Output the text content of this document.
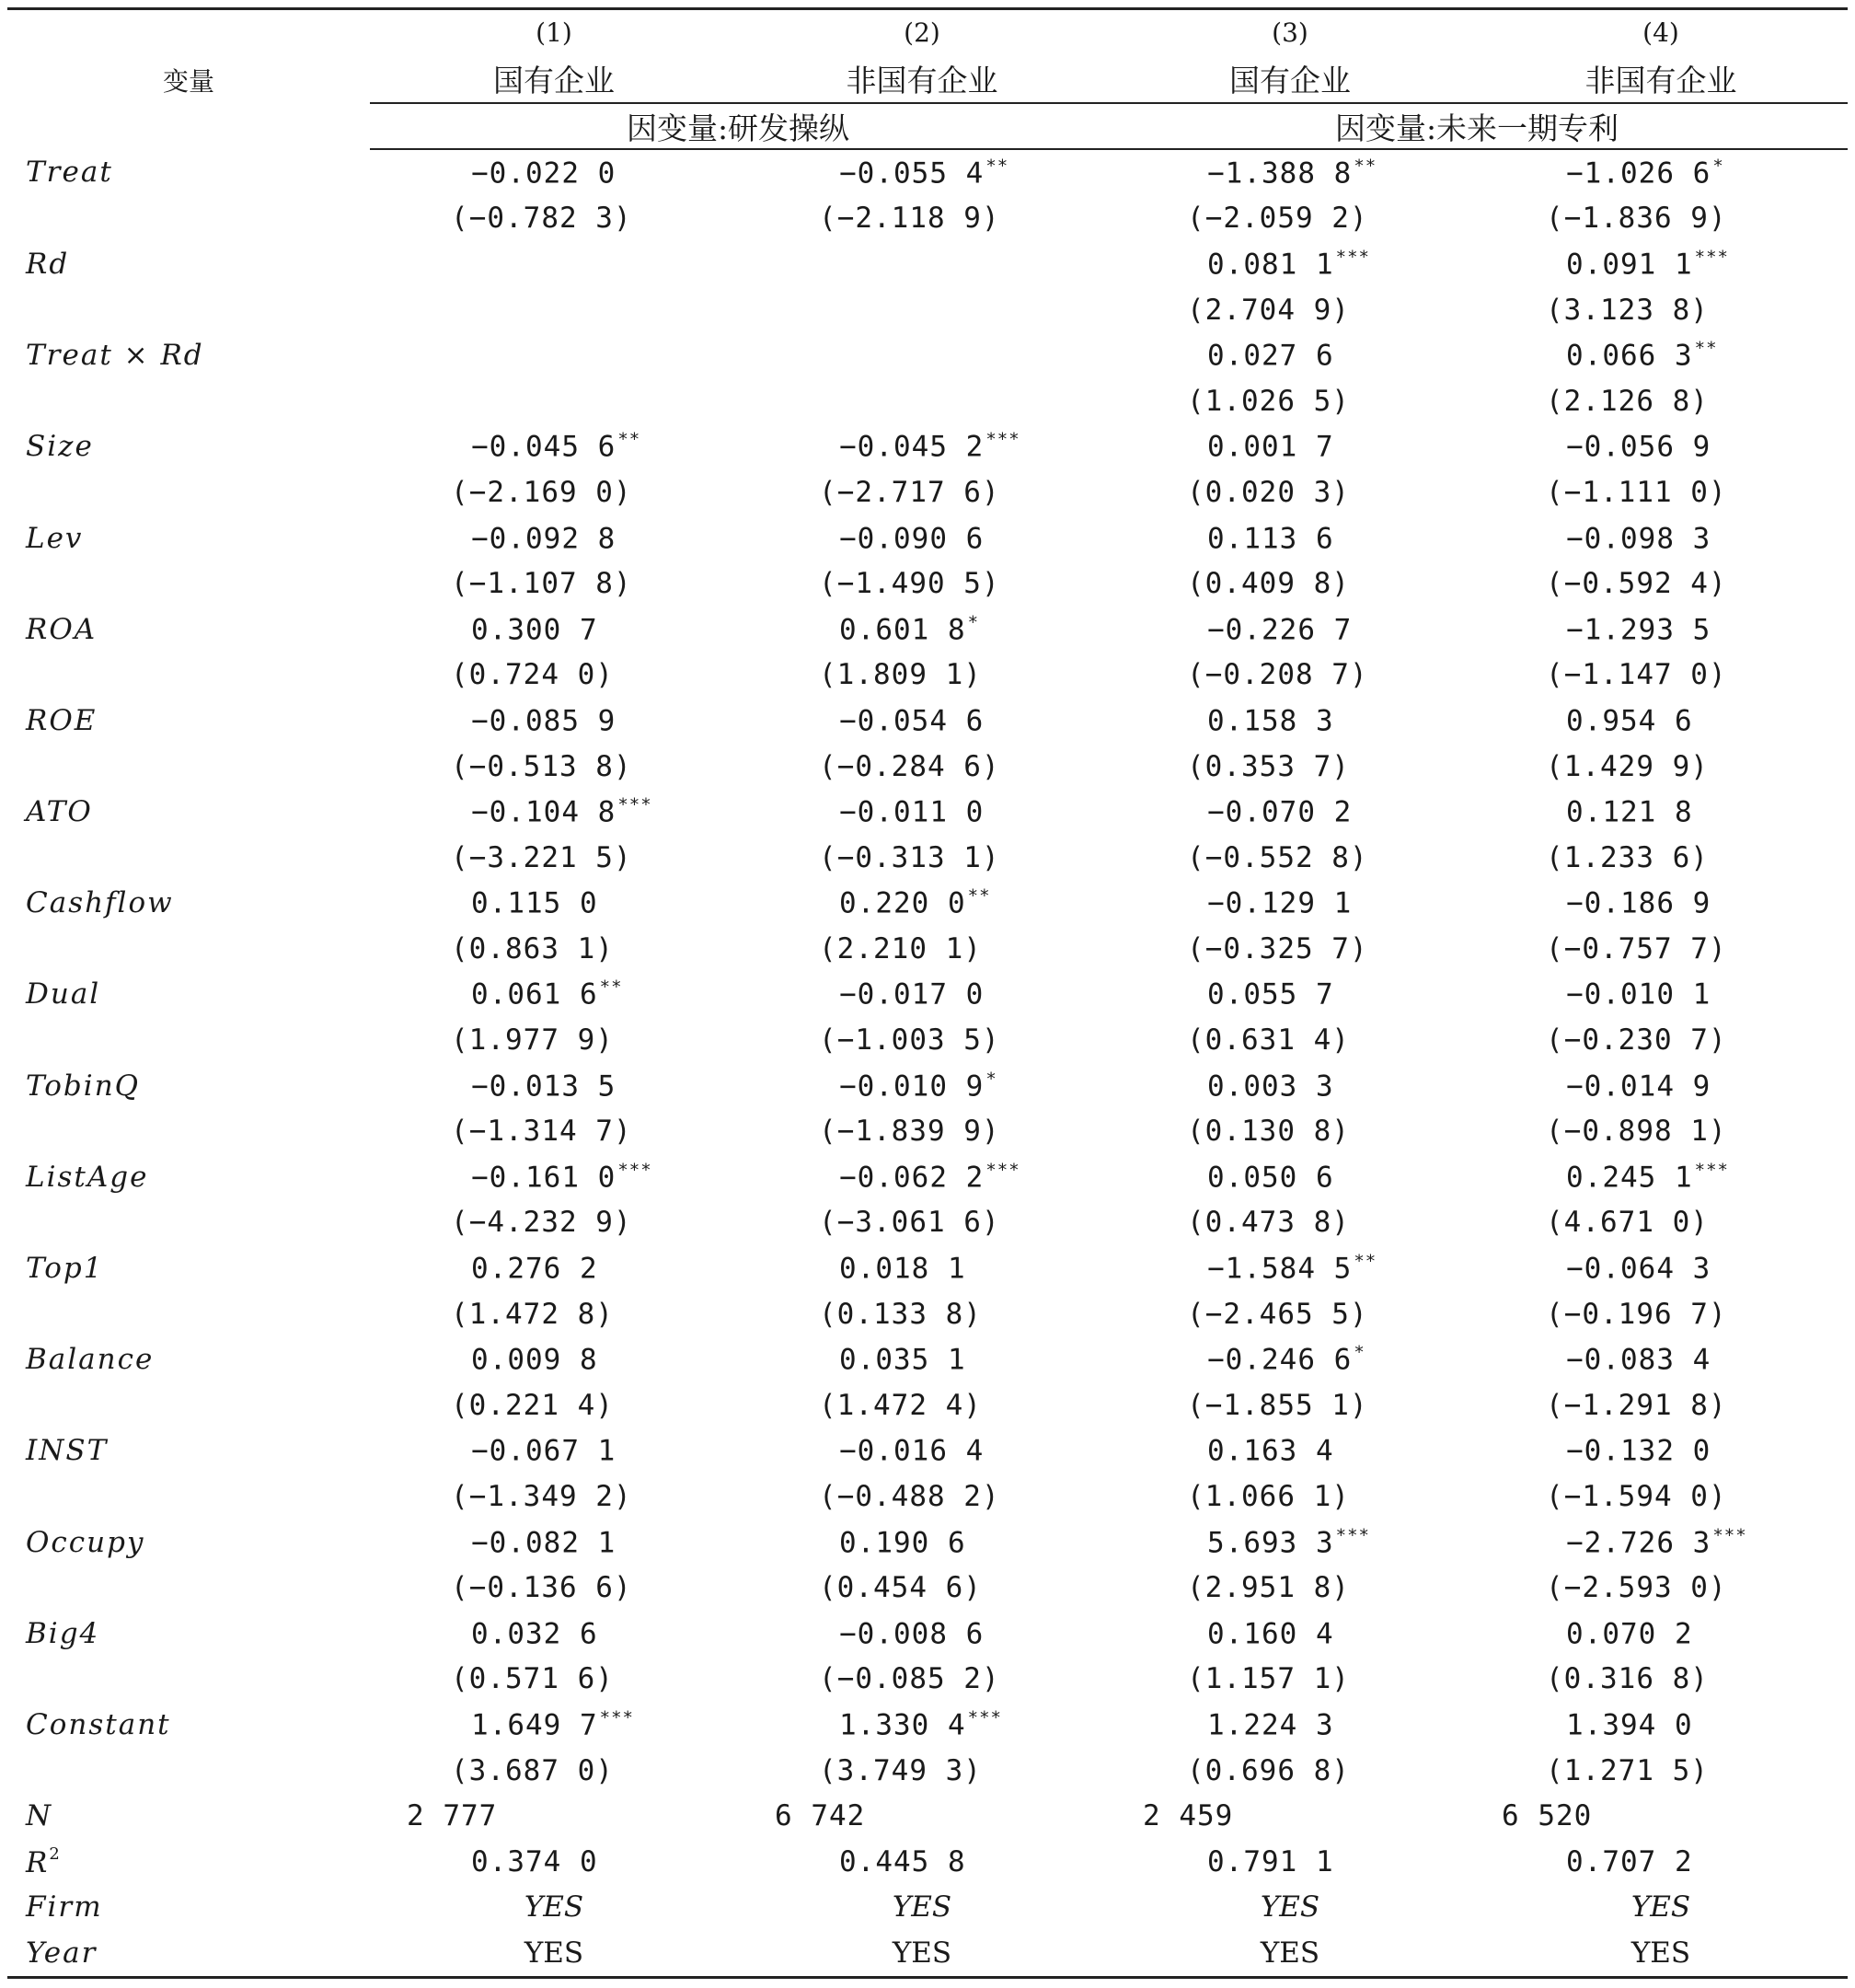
变量	(1)	(2)	(3)	(4)
	国有企业	非国有企业	国有企业	非国有企业
	因变量:研发操纵		因变量:未来一期专利	
Treat	−0.022 0	−0.055 4 **	−1.388 8 **	−1.026 6 *

	(−0.782 3)	(−2.118 9)	(−2.059 2)	(−1.836 9)

Rd			0.081 1 ***	0.091 1 ***

			(2.704 9)	(3.123 8)

Treat × Rd			0.027 6	0.066 3 **

			(1.026 5)	(2.126 8)

Size	−0.045 6 **	−0.045 2 ***	0.001 7	−0.056 9

	(−2.169 0)	(−2.717 6)	(0.020 3)	(−1.111 0)

Lev	−0.092 8	−0.090 6	0.113 6	−0.098 3

	(−1.107 8)	(−1.490 5)	(0.409 8)	(−0.592 4)

ROA	0.300 7	0.601 8 *	−0.226 7	−1.293 5

	(0.724 0)	(1.809 1)	(−0.208 7)	(−1.147 0)

ROE	−0.085 9	−0.054 6	0.158 3	0.954 6

	(−0.513 8)	(−0.284 6)	(0.353 7)	(1.429 9)

ATO	−0.104 8 ***	−0.011 0	−0.070 2	0.121 8

	(−3.221 5)	(−0.313 1)	(−0.552 8)	(1.233 6)

Cashflow	0.115 0	0.220 0 **	−0.129 1	−0.186 9

	(0.863 1)	(2.210 1)	(−0.325 7)	(−0.757 7)

Dual	0.061 6 **	−0.017 0	0.055 7	−0.010 1

	(1.977 9)	(−1.003 5)	(0.631 4)	(−0.230 7)

TobinQ	−0.013 5	−0.010 9 *	0.003 3	−0.014 9

	(−1.314 7)	(−1.839 9)	(0.130 8)	(−0.898 1)

ListAge	−0.161 0 ***	−0.062 2 ***	0.050 6	0.245 1 ***

	(−4.232 9)	(−3.061 6)	(0.473 8)	(4.671 0)

Top1	0.276 2	0.018 1	−1.584 5 **	−0.064 3

	(1.472 8)	(0.133 8)	(−2.465 5)	(−0.196 7)

Balance	0.009 8	0.035 1	−0.246 6 *	−0.083 4

	(0.221 4)	(1.472 4)	(−1.855 1)	(−1.291 8)

INST	−0.067 1	−0.016 4	0.163 4	−0.132 0

	(−1.349 2)	(−0.488 2)	(1.066 1)	(−1.594 0)

Occupy	−0.082 1	0.190 6	5.693 3 ***	−2.726 3 ***

	(−0.136 6)	(0.454 6)	(2.951 8)	(−2.593 0)

Big4	0.032 6	−0.008 6	0.160 4	0.070 2

	(0.571 6)	(−0.085 2)	(1.157 1)	(0.316 8)

Constant	1.649 7 ***	1.330 4 ***	1.224 3	1.394 0

	(3.687 0)	(3.749 3)	(0.696 8)	(1.271 5)

N	2 777	6 742	2 459	6 520

$R^2$	0.374 0	0.445 8	0.791 1	0.707 2

Firm	YES	YES	YES	YES
Year	YES	YES	YES	YES
